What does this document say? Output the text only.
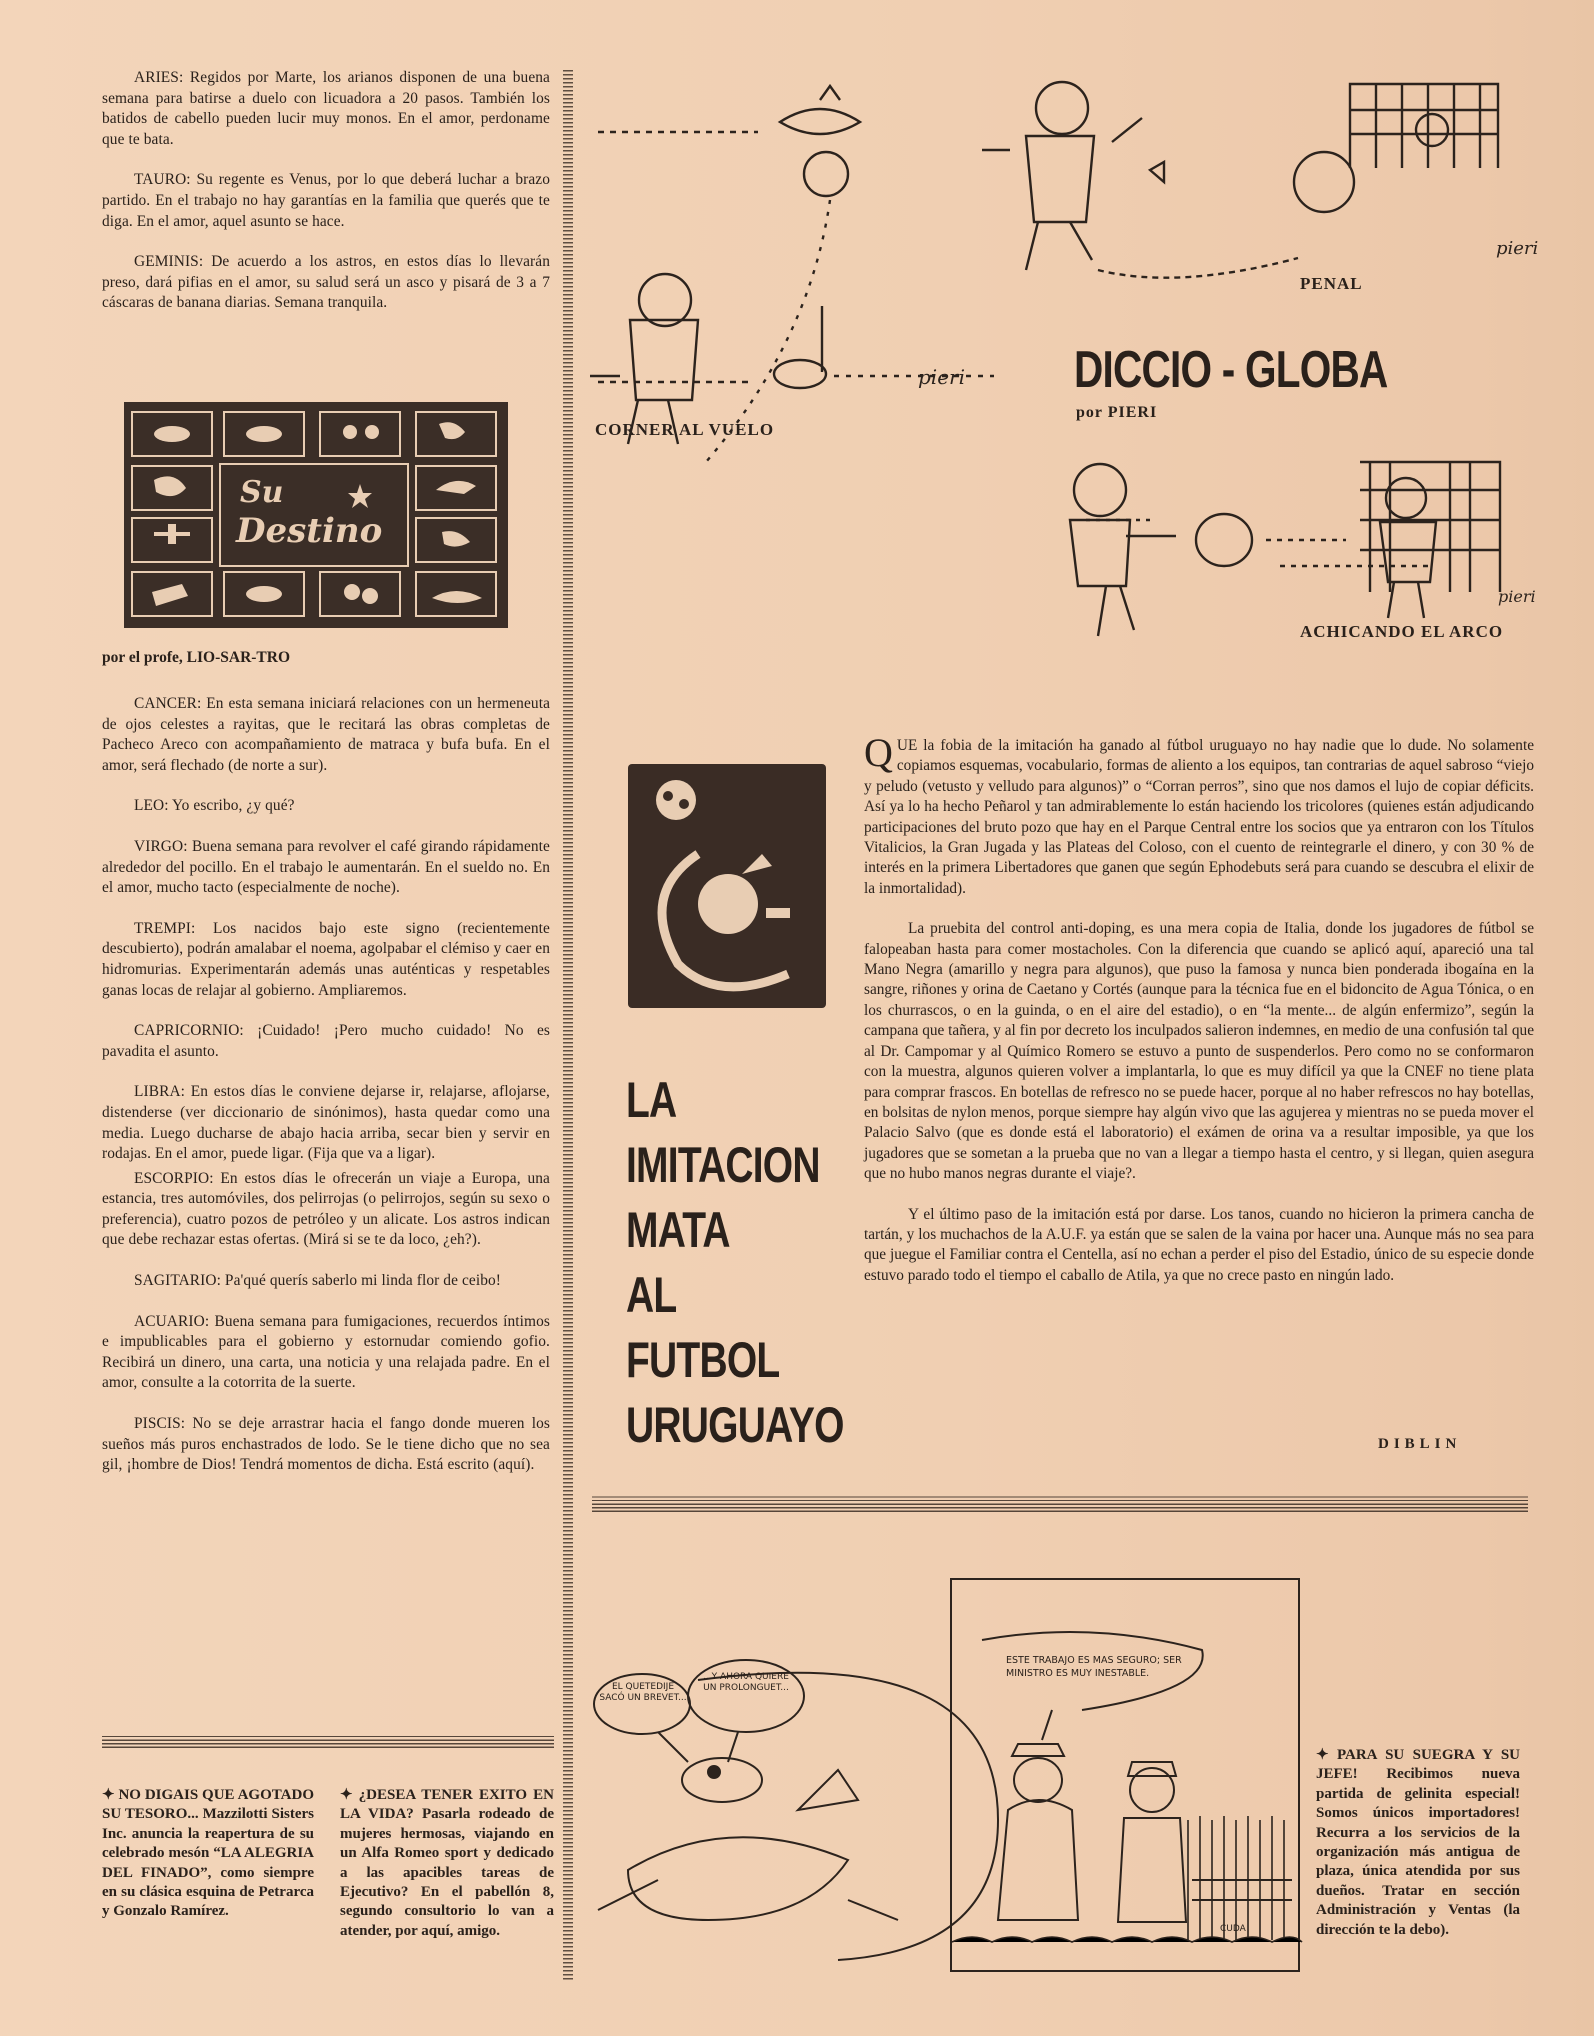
ARIES: Regidos por Marte, los arianos disponen de una buena semana para batirse a duelo con licuadora a 20 pasos. También los batidos de cabello pueden lucir muy monos. En el amor, perdoname que te bata.

TAURO: Su regente es Venus, por lo que deberá luchar a brazo partido. En el trabajo no hay garantías en la familia que querés que te diga. En el amor, aquel asunto se hace.

GEMINIS: De acuerdo a los astros, en estos días lo llevarán preso, dará pifias en el amor, su salud será un asco y pisará de 3 a 7 cáscaras de banana diarias. Semana tranquila.

Su
Destino
por el profe, LIO-SAR-TRO

CANCER: En esta semana iniciará relaciones con un hermeneuta de ojos celestes a rayitas, que le recitará las obras completas de Pacheco Areco con acompañamiento de matraca y bufa bufa. En el amor, será flechado (de norte a sur).

LEO: Yo escribo, ¿y qué?

VIRGO: Buena semana para revolver el café girando rápidamente alrededor del pocillo. En el trabajo le aumentarán. En el sueldo no. En el amor, mucho tacto (especialmente de noche).

TREMPI: Los nacidos bajo este signo (recientemente descubierto), podrán amalabar el noema, agolpabar el clémiso y caer en hidromurias. Experimentarán además unas auténticas y respetables ganas locas de relajar al gobierno. Ampliaremos.

CAPRICORNIO: ¡Cuidado! ¡Pero mucho cuidado! No es pavadita el asunto.

LIBRA: En estos días le conviene dejarse ir, relajarse, aflojarse, distenderse (ver diccionario de sinónimos), hasta quedar como una media. Luego ducharse de abajo hacia arriba, secar bien y servir en rodajas. En el amor, puede ligar. (Fija que va a ligar).

ESCORPIO: En estos días le ofrecerán un viaje a Europa, una estancia, tres automóviles, dos pelirrojas (o pelirrojos, según su sexo o preferencia), cuatro pozos de petróleo y un alicate. Los astros indican que debe rechazar estas ofertas. (Mirá si se te da loco, ¿eh?).

SAGITARIO: Pa'qué querís saberlo mi linda flor de ceibo!

ACUARIO: Buena semana para fumigaciones, recuerdos íntimos e impublicables para el gobierno y estornudar comiendo gofio. Recibirá un dinero, una carta, una noticia y una relajada padre. En el amor, consulte a la cotorrita de la suerte.

PISCIS: No se deje arrastrar hacia el fango donde mueren los sueños más puros enchastrados de lodo. Se le tiene dicho que no sea gil, ¡hombre de Dios! Tendrá momentos de dicha. Está escrito (aquí).

✦ NO DIGAIS QUE AGOTADO SU TESORO... Mazzilotti Sisters Inc. anuncia la reapertura de su celebrado mesón “LA ALEGRIA DEL FINADO”, como siempre en su clásica esquina de Petrarca y Gonzalo Ramírez.

✦ ¿DESEA TENER EXITO EN LA VIDA? Pasarla rodeado de mujeres hermosas, viajando en un Alfa Romeo sport y dedicado a las apacibles tareas de Ejecutivo? En el pabellón 8, segundo consultorio lo van a atender, por aquí, amigo.

pieri
pieri
pieri
CORNER AL VUELO
PENAL
ACHICANDO EL ARCO
DICCIO - GLOBA
por PIERI
LA
IMITACION
MATA
AL
FUTBOL
URUGUAYO

QUE la fobia de la imitación ha ganado al fútbol uruguayo no hay nadie que lo dude. No solamente copiamos esquemas, vocabulario, formas de aliento a los equipos, tan contrarias de aquel sabroso “viejo y peludo (vetusto y velludo para algunos)” o “Corran perros”, sino que nos damos el lujo de copiar déficits. Así ya lo ha hecho Peñarol y tan admirablemente lo están haciendo los tricolores (quienes están adjudicando participaciones del bruto pozo que hay en el Parque Central entre los socios que ya entraron con los Títulos Vitalicios, la Gran Jugada y las Plateas del Coloso, con el cuento de reintegrarle el dinero, y con 30 % de interés en la primera Libertadores que ganen que según Ephodebuts será para cuando se descubra el elixir de la inmortalidad).

La pruebita del control anti-doping, es una mera copia de Italia, donde los jugadores de fútbol se falopeaban hasta para comer mostacholes. Con la diferencia que cuando se aplicó aquí, apareció una tal Mano Negra (amarillo y negra para algunos), que puso la famosa y nunca bien ponderada ibogaína en la sangre, riñones y orina de Caetano y Cortés (aunque para la técnica fue en el bidoncito de Agua Tónica, o en los churrascos, o en la guinda, o en el aire del estadio), o en “la mente... de algún enfermizo”, según la campana que tañera, y al fin por decreto los inculpados salieron indemnes, en medio de una confusión tal que al Dr. Campomar y al Químico Romero se estuvo a punto de suspenderlos. Pero como no se conformaron con la muestra, algunos quieren volver a implantarla, lo que es muy difícil ya que la CNEF no tiene plata para comprar frascos. En botellas de refresco no se puede hacer, porque al no haber refrescos no hay botellas, en bolsitas de nylon menos, porque siempre hay algún vivo que las agujerea y mientras no se pueda mover el Palacio Salvo (que es donde está el laboratorio) el exámen de orina va a resultar imposible, ya que los jugadores que se sometan a la prueba que no van a llegar a tiempo hasta el centro, y si llegan, quien asegura que no hubo manos negras durante el viaje?.

Y el último paso de la imitación está por darse. Los tanos, cuando no hicieron la primera cancha de tartán, y los muchachos de la A.U.F. ya están que se salen de la vaina por hacer una. Aunque más no sea para que juegue el Familiar contra el Centella, así no echan a perder el piso del Estadio, único de su especie donde estuvo parado todo el tiempo el caballo de Atila, ya que no crece pasto en ningún lado.

DIBLIN
EL QUETEDIJE SACÓ UN BREVET...
...Y AHORA QUIERE UN PROLONGUET...
ESTE TRABAJO ES MAS SEGURO; SER MINISTRO ES MUY INESTABLE.
CUDA

✦ PARA SU SUEGRA Y SU JEFE! Recibimos nueva partida de gelinita especial! Somos únicos importadores! Recurra a los servicios de la organización más antigua de plaza, única atendida por sus dueños. Tratar en sección Administración y Ventas (la dirección te la debo).
